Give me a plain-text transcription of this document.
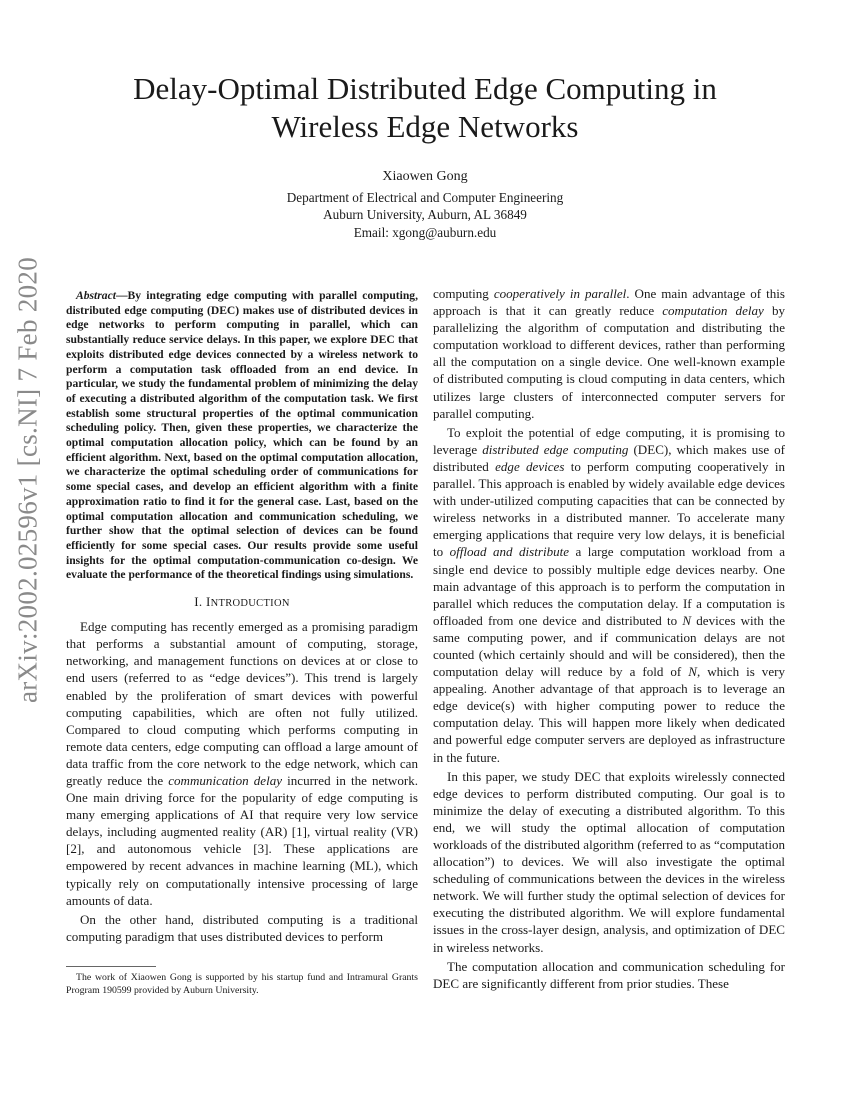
arXiv:2002.02596v1 [cs.NI] 7 Feb 2020
Delay-Optimal Distributed Edge Computing in
Wireless Edge Networks
Xiaowen Gong
Department of Electrical and Computer Engineering
Auburn University, Auburn, AL 36849
Email: xgong@auburn.edu

Abstract—By integrating edge computing with parallel computing, distributed edge computing (DEC) makes use of distributed devices in edge networks to perform computing in parallel, which can substantially reduce service delays. In this paper, we explore DEC that exploits distributed edge devices connected by a wireless network to perform a computation task offloaded from an end device. In particular, we study the fundamental problem of minimizing the delay of executing a distributed algorithm of the computation task. We first establish some structural properties of the optimal communication scheduling policy. Then, given these properties, we characterize the optimal computation allocation policy, which can be found by an efficient algorithm. Next, based on the optimal computation allocation, we characterize the optimal scheduling order of communications for some special cases, and develop an efficient algorithm with a finite approximation ratio to find it for the general case. Last, based on the optimal computation allocation and communication scheduling, we further show that the optimal selection of devices can be found efficiently for some special cases. Our results provide some useful insights for the optimal computation-communication co-design. We evaluate the performance of the theoretical findings using simulations.

I. INTRODUCTION

Edge computing has recently emerged as a promising paradigm that performs a substantial amount of computing, storage, networking, and management functions on devices at or close to end users (referred to as “edge devices”). This trend is largely enabled by the proliferation of smart devices with powerful computing capabilities, which are often not fully utilized. Compared to cloud computing which performs computing in remote data centers, edge computing can offload a large amount of data traffic from the core network to the edge network, which can greatly reduce the communication delay incurred in the network. One main driving force for the popularity of edge computing is many emerging applications of AI that require very low service delays, including augmented reality (AR) [1], virtual reality (VR) [2], and autonomous vehicle [3]. These applications are empowered by recent advances in machine learning (ML), which typically rely on computationally intensive processing of large amounts of data.

On the other hand, distributed computing is a traditional computing paradigm that uses distributed devices to perform

The work of Xiaowen Gong is supported by his startup fund and Intramural Grants Program 190599 provided by Auburn University.

computing cooperatively in parallel. One main advantage of this approach is that it can greatly reduce computation delay by parallelizing the algorithm of computation and distributing the computation workload to different devices, rather than performing all the computation on a single device. One well-known example of distributed computing is cloud computing in data centers, which utilizes large clusters of interconnected computer servers for parallel computing.

To exploit the potential of edge computing, it is promising to leverage distributed edge computing (DEC), which makes use of distributed edge devices to perform computing cooperatively in parallel. This approach is enabled by widely available edge devices with under-utilized computing capacities that can be connected by wireless networks in a distributed manner. To accelerate many emerging applications that require very low delays, it is beneficial to offload and distribute a large computation workload from a single end device to possibly multiple edge devices nearby. One main advantage of this approach is to perform the computation in parallel which reduces the computation delay. If a computation is offloaded from one device and distributed to N devices with the same computing power, and if communication delays are not counted (which certainly should and will be considered), then the computation delay will reduce by a fold of N, which is very appealing. Another advantage of that approach is to leverage an edge device(s) with higher computing power to reduce the computation delay. This will happen more likely when dedicated and powerful edge computer servers are deployed as infrastructure in the future.

In this paper, we study DEC that exploits wirelessly connected edge devices to perform distributed computing. Our goal is to minimize the delay of executing a distributed algorithm. To this end, we will study the optimal allocation of computation workloads of the distributed algorithm (referred to as “computation allocation”) to devices. We will also investigate the optimal scheduling of communications between the devices in the wireless network. We will further study the optimal selection of devices for executing the distributed algorithm. We will explore fundamental issues in the cross-layer design, analysis, and optimization of DEC in wireless networks.

The computation allocation and communication scheduling for DEC are significantly different from prior studies. These
